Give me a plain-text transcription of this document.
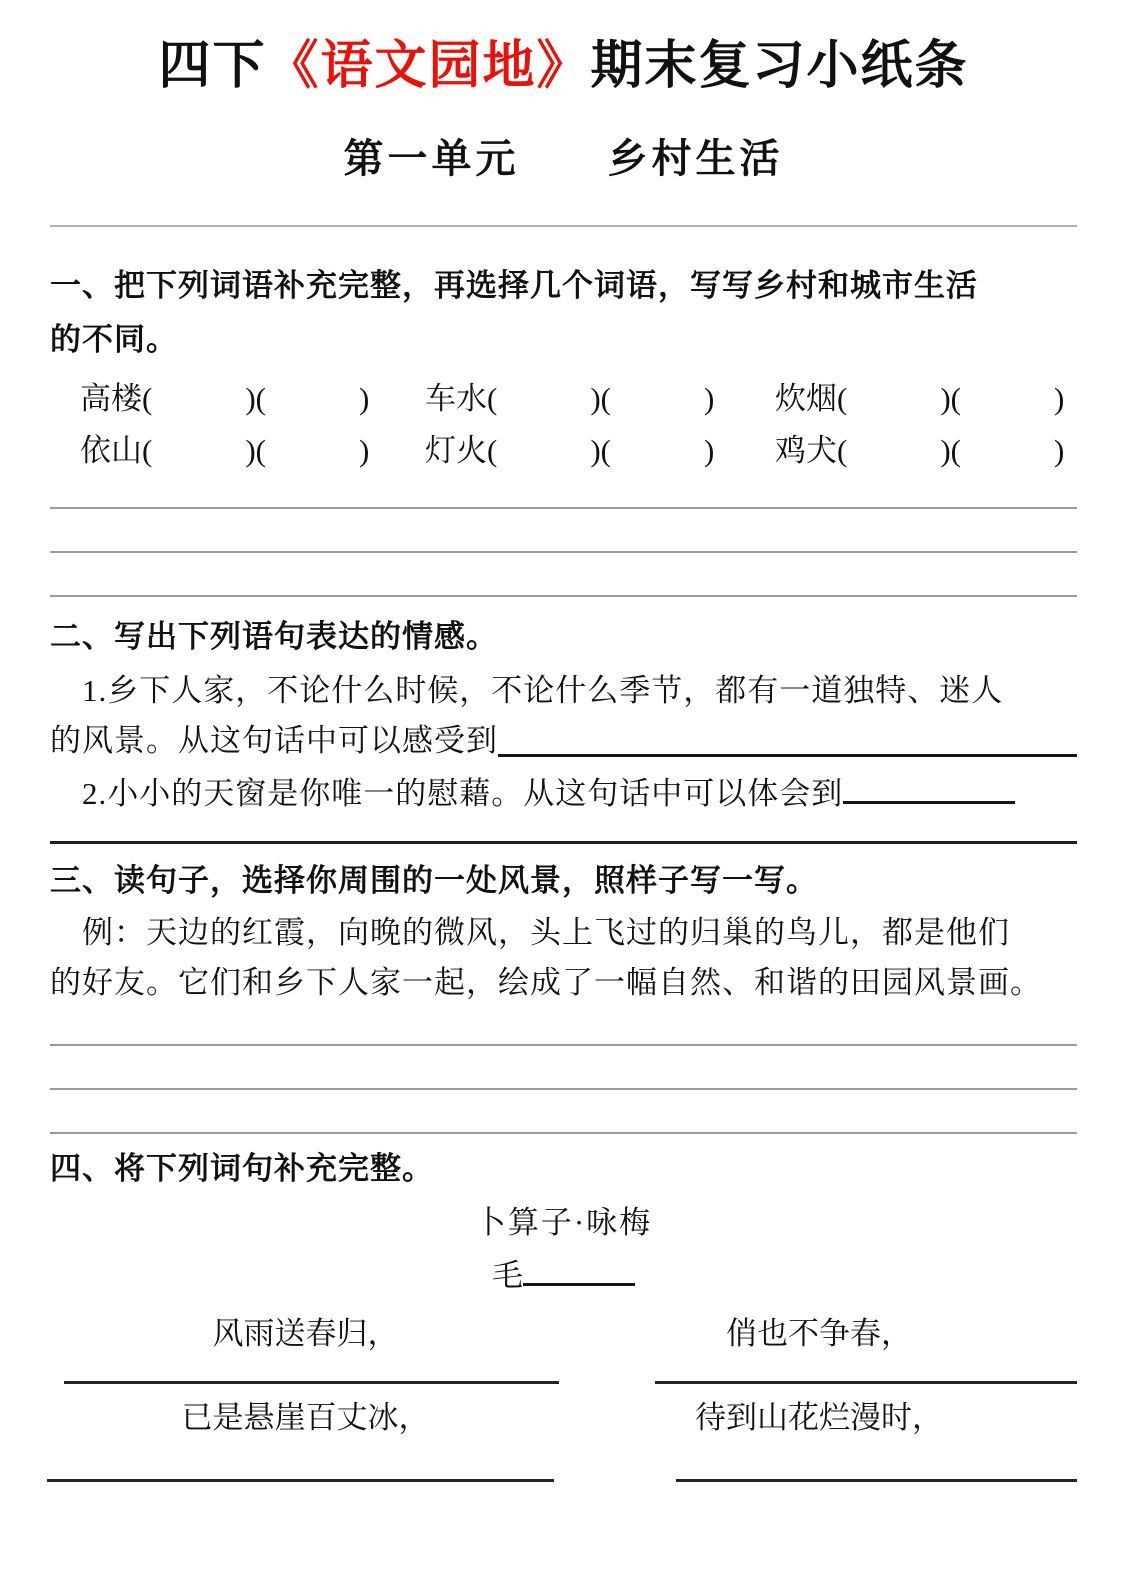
四下《语文园地》期末复习小纸条
第一单元　　乡村生活
一、把下列词语补充完整，再选择几个词语，写写乡村和城市生活
的不同。
高楼(　　　)(　　　)	车水(　　　)(　　　)	炊烟(　　　)(　　　)
依山(　　　)(　　　)	灯火(　　　)(　　　)	鸡犬(　　　)(　　　)
二、写出下列语句表达的情感。
1.乡下人家，不论什么时候，不论什么季节，都有一道独特、迷人
的风景。从这句话中可以感受到
2.小小的天窗是你唯一的慰藉。从这句话中可以体会到
三、读句子，选择你周围的一处风景，照样子写一写。
例：天边的红霞，向晚的微风，头上飞过的归巢的鸟儿，都是他们
的好友。它们和乡下人家一起，绘成了一幅自然、和谐的田园风景画。
四、将下列词句补充完整。
卜算子·咏梅
毛
风雨送春归，	俏也不争春，
已是悬崖百丈冰，	待到山花烂漫时，
